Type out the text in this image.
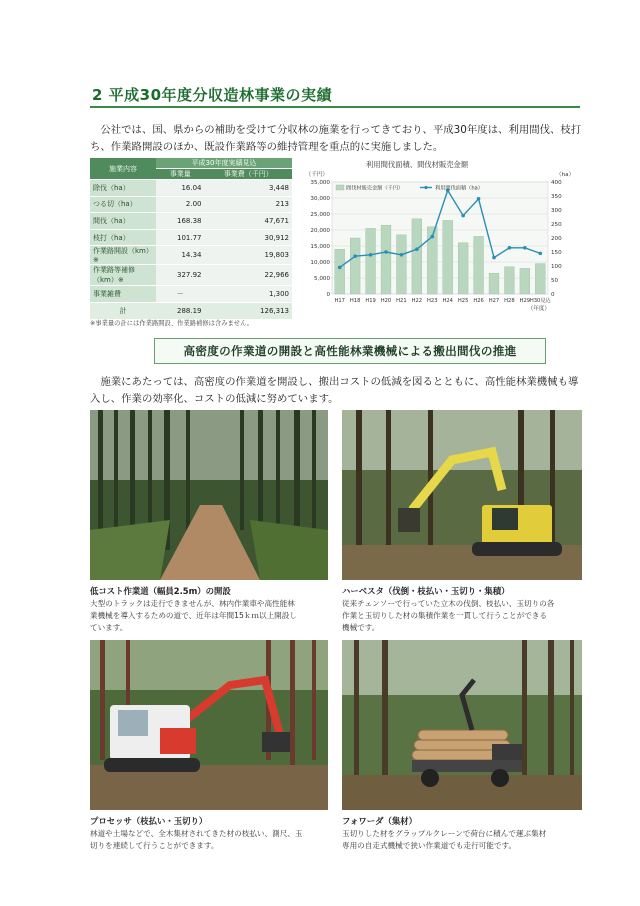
2 平成30年度分収造林事業の実績

公社では、国、県からの補助を受けて分収林の施業を行ってきており、平成30年度は、利用間伐、枝打ち、作業路開設のほか、既設作業路等の維持管理を重点的に実施しました。

施業内容	平成30年度実績見込	
	事業量	事業費（千円）
除伐（ha）	16.04	3,448
つる切（ha）	2.00	213
間伐（ha）	168.38	47,671
枝打（ha）	101.77	30,912
作業路開設（km）※	14.34	19,803
作業路等補修（km）※	327.92	22,966
事業雑費	－	1,300
計	288.19	126,313
※事業量の計には作業路開設、作業路補修は含みません。
利用間伐面積、間伐材販売金額
0
5,000
10,000
15,000
20,000
25,000
30,000
35,000
0
50
100
150
200
250
300
350
400
（千円）	（ha）
H17 H18 H19 H20 H21 H22 H23 H24 H25 H26 H27 H28 H29 H30見込
（年度）
間伐材販売金額（千円）	利用間伐面積（ha）
高密度の作業道の開設と高性能林業機械による搬出間伐の推進

施業にあたっては、高密度の作業道を開設し、搬出コストの低減を図るとともに、高性能林業機械も導入し、作業の効率化、コストの低減に努めています。

低コスト作業道（幅員2.5m）の開設
大型のトラックは走行できませんが、林内作業車や高性能林
業機械を導入するための道で、近年は年間15ｋｍ以上開設し
ています。
ハーベスタ（伐倒・枝払い・玉切り・集積）
従来チェンソーで行っていた立木の伐倒、枝払い、玉切りの各
作業と玉切りした材の集積作業を一貫して行うことができる
機械です。
プロセッサ（枝払い・玉切り）
林道や土場などで、全木集材されてきた材の枝払い、測尺、玉
切りを連続して行うことができます。
フォワーダ（集材）
玉切りした材をグラップルクレーンで荷台に積んで運ぶ集材
専用の自走式機械で狭い作業道でも走行可能です。
